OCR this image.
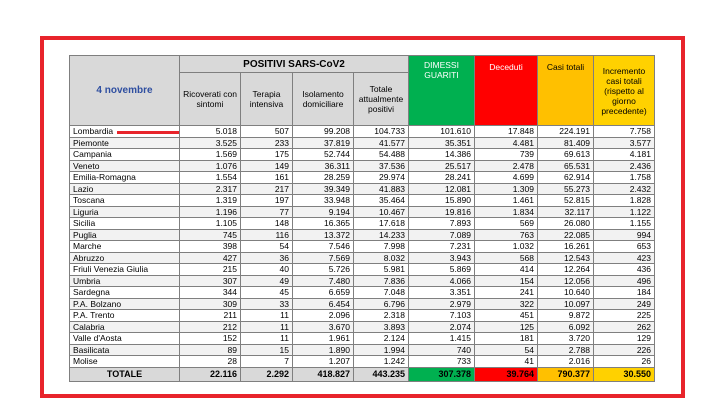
4 novembre	POSITIVI SARS-CoV2				DIMESSI GUARITI	Deceduti	Casi totali	Incremento casi totali (rispetto al giorno precedente)
	Ricoverati con sintomi	Terapia intensiva	Isolamento domiciliare	Totale attualmente positivi				
Lombardia	5.018	507	99.208	104.733	101.610	17.848	224.191	7.758
Piemonte	3.525	233	37.819	41.577	35.351	4.481	81.409	3.577
Campania	1.569	175	52.744	54.488	14.386	739	69.613	4.181
Veneto	1.076	149	36.311	37.536	25.517	2.478	65.531	2.436
Emilia-Romagna	1.554	161	28.259	29.974	28.241	4.699	62.914	1.758
Lazio	2.317	217	39.349	41.883	12.081	1.309	55.273	2.432
Toscana	1.319	197	33.948	35.464	15.890	1.461	52.815	1.828
Liguria	1.196	77	9.194	10.467	19.816	1.834	32.117	1.122
Sicilia	1.105	148	16.365	17.618	7.893	569	26.080	1.155
Puglia	745	116	13.372	14.233	7.089	763	22.085	994
Marche	398	54	7.546	7.998	7.231	1.032	16.261	653
Abruzzo	427	36	7.569	8.032	3.943	568	12.543	423
Friuli Venezia Giulia	215	40	5.726	5.981	5.869	414	12.264	436
Umbria	307	49	7.480	7.836	4.066	154	12.056	496
Sardegna	344	45	6.659	7.048	3.351	241	10.640	184
P.A. Bolzano	309	33	6.454	6.796	2.979	322	10.097	249
P.A. Trento	211	11	2.096	2.318	7.103	451	9.872	225
Calabria	212	11	3.670	3.893	2.074	125	6.092	262
Valle d'Aosta	152	11	1.961	2.124	1.415	181	3.720	129
Basilicata	89	15	1.890	1.994	740	54	2.788	226
Molise	28	7	1.207	1.242	733	41	2.016	26
TOTALE	22.116	2.292	418.827	443.235	307.378	39.764	790.377	30.550
